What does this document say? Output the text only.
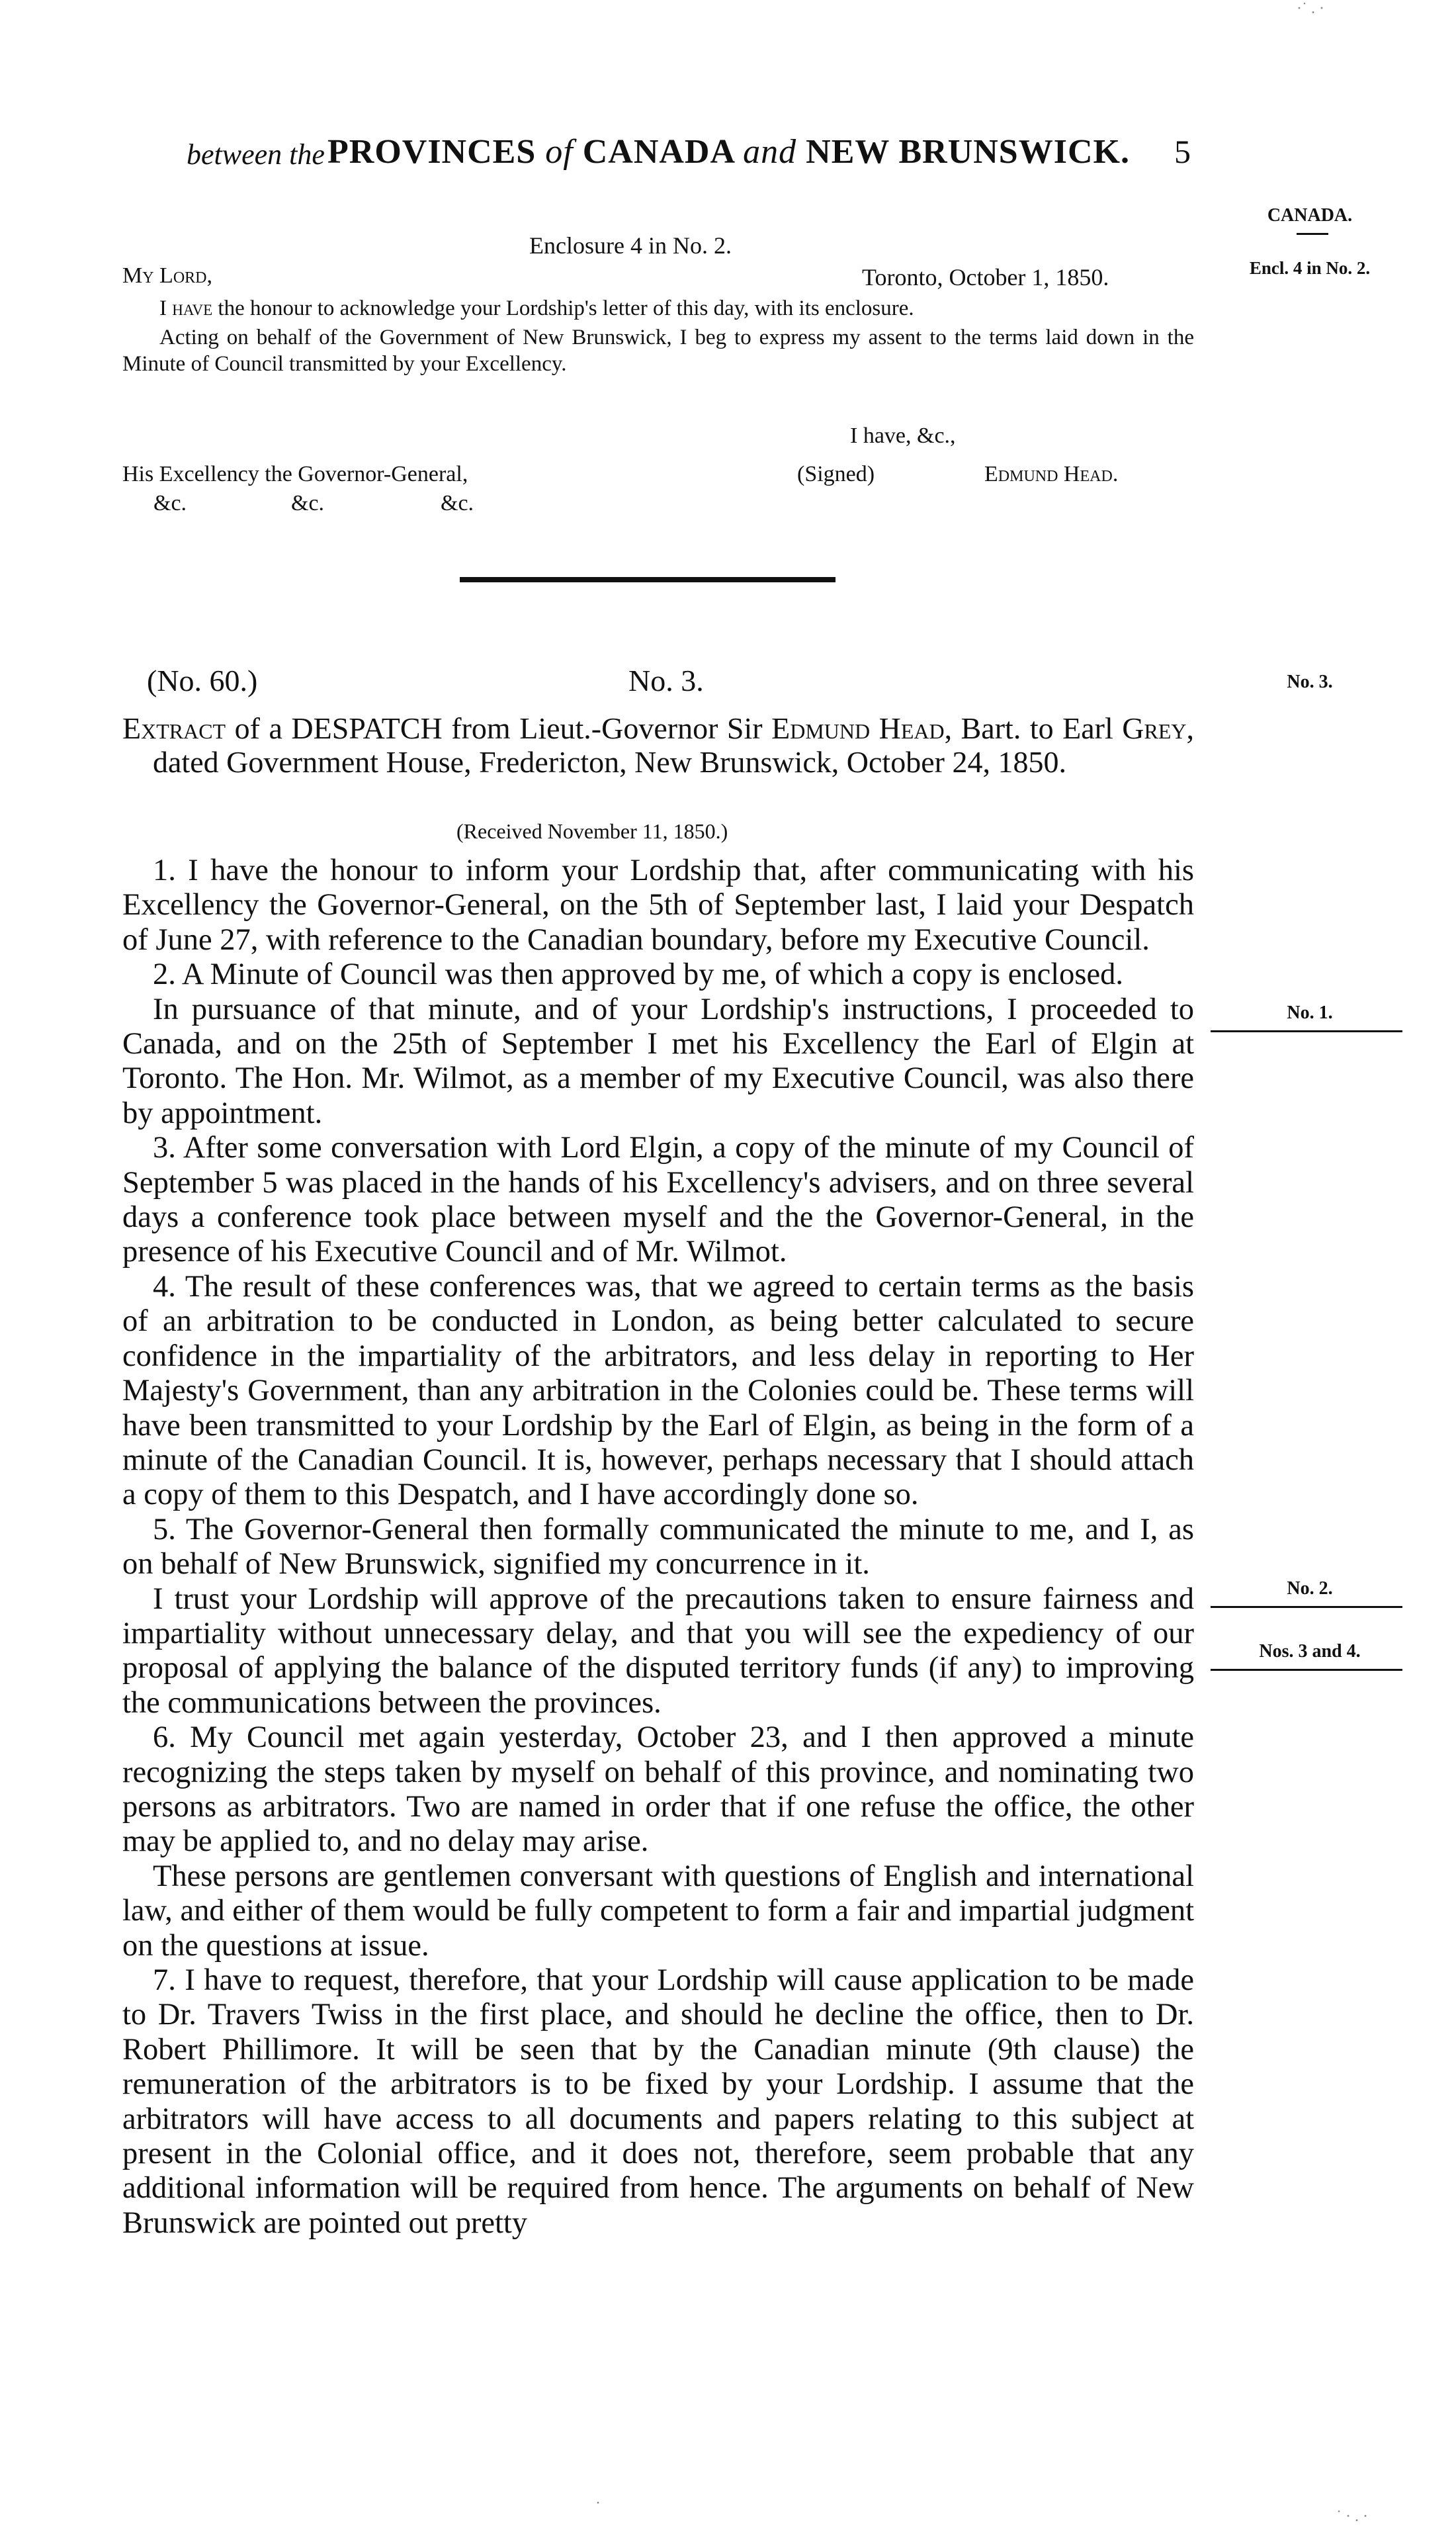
between the PROVINCES of CANADA and NEW BRUNSWICK. 5
CANADA.
Encl. 4 in No. 2.
No. 3.
No. 1.
No. 2.
Nos. 3 and 4.
Enclosure 4 in No. 2.
My Lord,	Toronto, October 1, 1850.
I have the honour to acknowledge your Lordship's letter of this day, with its enclosure.
Acting on behalf of the Government of New Brunswick, I beg to express my assent to the terms laid down in the Minute of Council transmitted by your Excellency.
I have, &c.,
His Excellency the Governor-General,	(Signed)	Edmund Head.
&c.	&c.	&c.
(No. 60.)	No. 3.
Extract of a DESPATCH from Lieut.-Governor Sir Edmund Head, Bart. to Earl Grey, dated Government House, Fredericton, New Brunswick, October 24, 1850.
(Received November 11, 1850.)

1. I have the honour to inform your Lordship that, after communicating with his Excellency the Governor-General, on the 5th of September last, I laid your Despatch of June 27, with reference to the Canadian boundary, before my Executive Council.

2. A Minute of Council was then approved by me, of which a copy is enclosed.

In pursuance of that minute, and of your Lordship's instructions, I proceeded to Canada, and on the 25th of September I met his Excellency the Earl of Elgin at Toronto. The Hon. Mr. Wilmot, as a member of my Executive Council, was also there by appointment.

3. After some conversation with Lord Elgin, a copy of the minute of my Council of September 5 was placed in the hands of his Excellency's advisers, and on three several days a conference took place between myself and the the Governor-General, in the presence of his Executive Council and of Mr. Wilmot.

4. The result of these conferences was, that we agreed to certain terms as the basis of an arbitration to be conducted in London, as being better calculated to secure confidence in the impartiality of the arbitrators, and less delay in reporting to Her Majesty's Government, than any arbitration in the Colonies could be. These terms will have been transmitted to your Lordship by the Earl of Elgin, as being in the form of a minute of the Canadian Council. It is, however, perhaps necessary that I should attach a copy of them to this Despatch, and I have accordingly done so.

5. The Governor-General then formally communicated the minute to me, and I, as on behalf of New Brunswick, signified my concurrence in it.

I trust your Lordship will approve of the precautions taken to ensure fairness and impartiality without unnecessary delay, and that you will see the expediency of our proposal of applying the balance of the disputed territory funds (if any) to improving the communications between the provinces.

6. My Council met again yesterday, October 23, and I then approved a minute recognizing the steps taken by myself on behalf of this province, and nominating two persons as arbitrators. Two are named in order that if one refuse the office, the other may be applied to, and no delay may arise.

These persons are gentlemen conversant with questions of English and international law, and either of them would be fully competent to form a fair and impartial judgment on the questions at issue.

7. I have to request, therefore, that your Lordship will cause application to be made to Dr. Travers Twiss in the first place, and should he decline the office, then to Dr. Robert Phillimore. It will be seen that by the Canadian minute (9th clause) the remuneration of the arbitrators is to be fixed by your Lordship. I assume that the arbitrators will have access to all documents and papers relating to this subject at present in the Colonial office, and it does not, therefore, seem probable that any additional information will be required from hence. The arguments on behalf of New Brunswick are pointed out pretty

·˙ . ·
·
˙ · . ·
